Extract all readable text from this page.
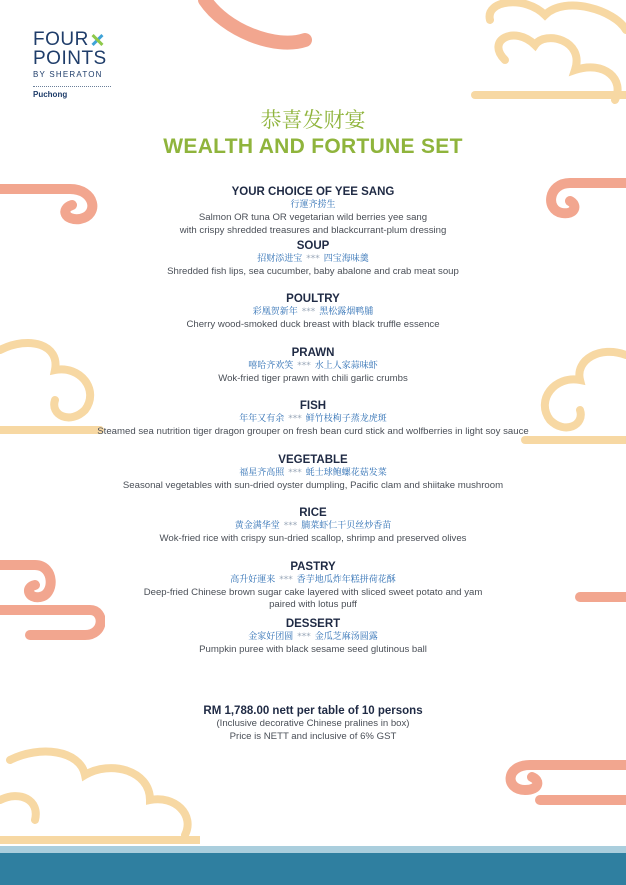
FOUR
POINTS
BY SHERATON
Puchong
恭喜发财宴
WEALTH AND FORTUNE SET
YOUR CHOICE OF YEE SANG
行運齐捞生
Salmon OR tuna OR vegetarian wild berries yee sang
with crispy shredded treasures and blackcurrant-plum dressing
SOUP
招财添进宝 *** 四宝海味羹
Shredded fish lips, sea cucumber, baby abalone and crab meat soup
POULTRY
彩凰贺新年 *** 黑松露烟鸭脯
Cherry wood-smoked duck breast with black truffle essence
PRAWN
嘻哈齐欢笑 *** 水上人家蒜味虾
Wok-fried tiger prawn with chili garlic crumbs
FISH
年年又有余 *** 鲜竹枝枸子蒸龙虎斑
Steamed sea nutrition tiger dragon grouper on fresh bean curd stick and wolfberries in light soy sauce
VEGETABLE
福星齐高照 *** 蚝士球鲍螺花菇发菜
Seasonal vegetables with sun-dried oyster dumpling, Pacific clam and shiitake mushroom
RICE
黄金满华堂 *** 腩菜虾仁干贝丝炒香苗
Wok-fried rice with crispy sun-dried scallop, shrimp and preserved olives
PASTRY
高升好運来 *** 香芋地瓜炸年糕拼荷花酥
Deep-fried Chinese brown sugar cake layered with sliced sweet potato and yam
paired with lotus puff
DESSERT
金家好团圆 *** 金瓜芝麻汤圆露
Pumpkin puree with black sesame seed glutinous ball
RM 1,788.00 nett per table of 10 persons
(Inclusive decorative Chinese pralines in box)
Price is NETT and inclusive of 6% GST
